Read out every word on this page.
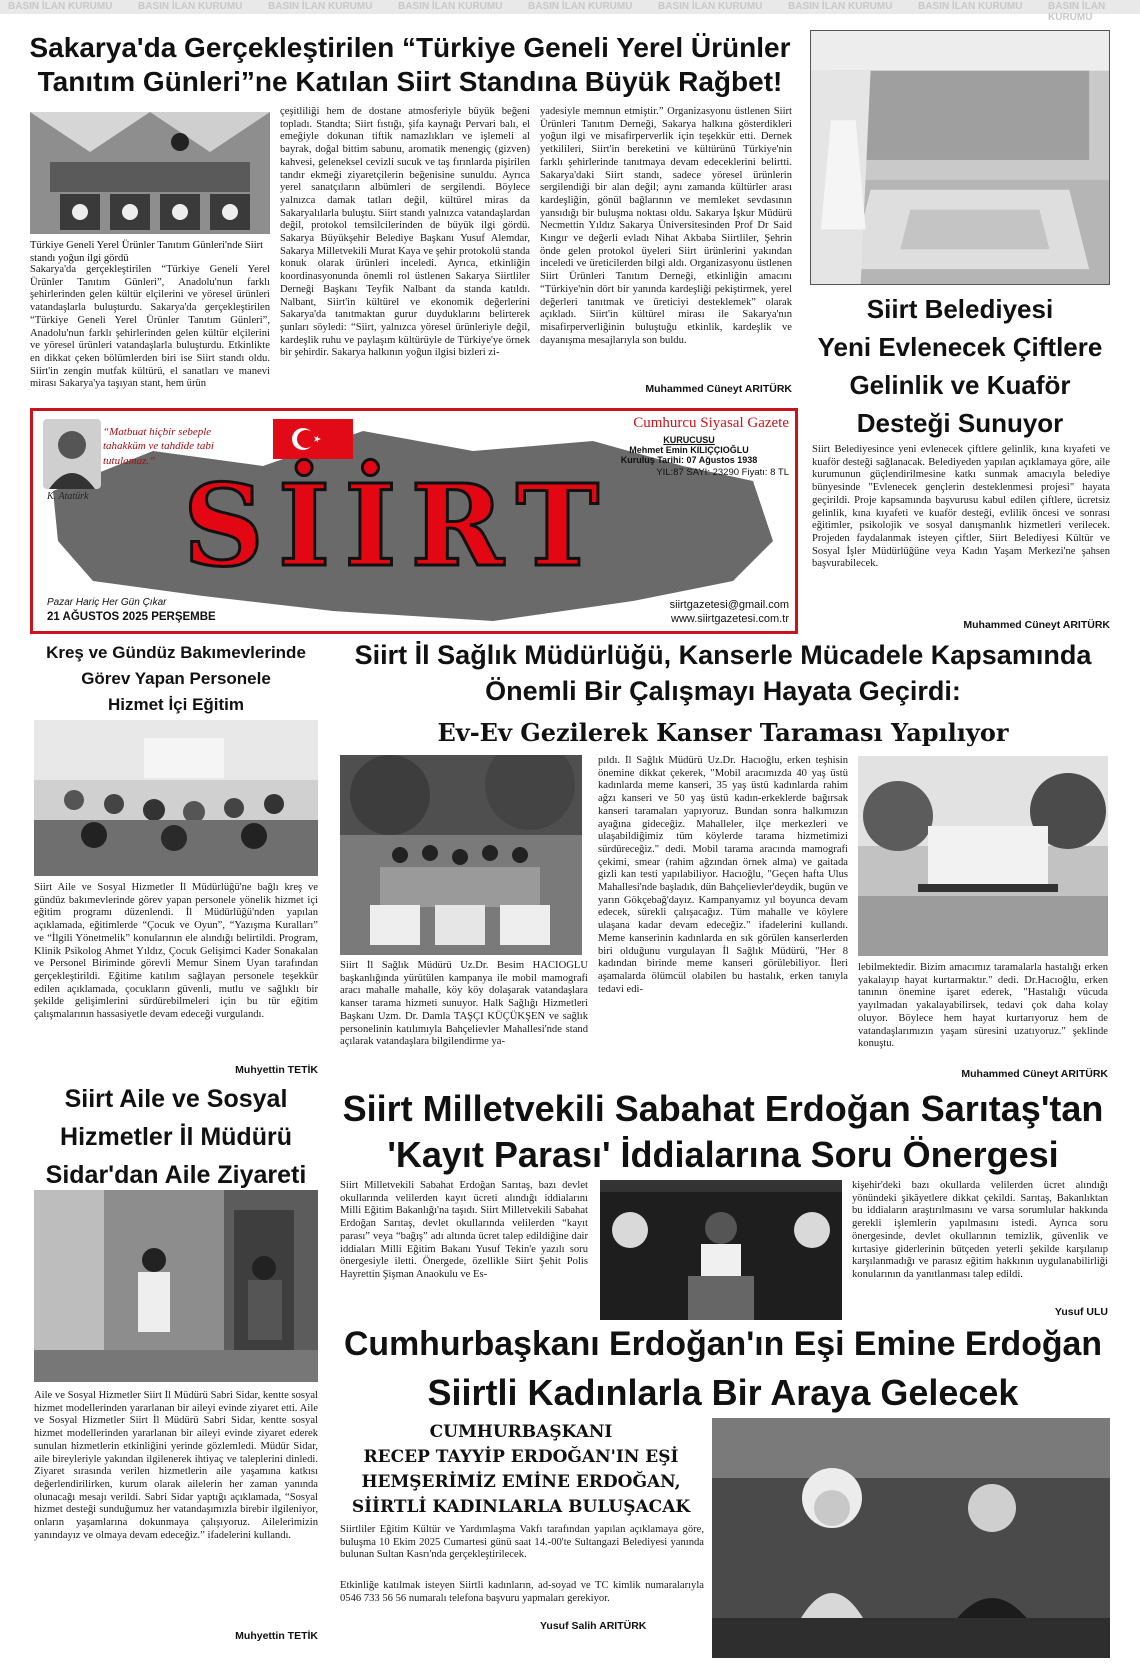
BASIN İLAN KURUMU	BASIN İLAN KURUMU	BASIN İLAN KURUMU	BASIN İLAN KURUMU	BASIN İLAN KURUMU	BASIN İLAN KURUMU	BASIN İLAN KURUMU	BASIN İLAN KURUMU	BASIN İLAN KURUMU
Sakarya'da Gerçekleştirilen “Türkiye Geneli Yerel Ürünler
Tanıtım Günleri”ne Katılan Siirt Standına Büyük Rağbet!
Türkiye Geneli Yerel Ürünler Tanıtım Günleri'nde Siirt standı yoğun ilgi gördü
Sakarya'da gerçekleştirilen “Türkiye Geneli Yerel Ürünler Tanıtım Günleri”, Anadolu'nun farklı şehirlerinden gelen kültür elçilerini ve yöresel ürünleri vatandaşlarla buluşturdu. Sakarya'da gerçekleştirilen “Türkiye Geneli Yerel Ürünler Tanıtım Günleri”, Anadolu'nun farklı şehirlerinden gelen kültür elçilerini ve yöresel ürünleri vatandaşlarla buluşturdu. Etkinlikte en dikkat çeken bölümlerden biri ise Siirt standı oldu. Siirt'in zengin mutfak kültürü, el sanatları ve manevi mirası Sakarya'ya taşıyan stant, hem ürün
çeşitliliği hem de dostane atmosferiyle büyük beğeni topladı. Standta; Siirt fıstığı, şifa kaynağı Pervari balı, el emeğiyle dokunan tiftik namazlıkları ve işlemeli al bayrak, doğal bittim sabunu, aromatik menengiç (gizven) kahvesi, geleneksel cevizli sucuk ve taş fırınlarda pişirilen tandır ekmeği ziyaretçilerin beğenisine sunuldu. Ayrıca yerel sanatçıların albümleri de sergilendi. Böylece yalnızca damak tatları değil, kültürel miras da Sakaryalılarla buluştu. Siirt standı yalnızca vatandaşlardan değil, protokol temsilcilerinden de büyük ilgi gördü. Sakarya Büyükşehir Belediye Başkanı Yusuf Alemdar, Sakarya Milletvekili Murat Kaya ve şehir protokolü standa konuk olarak ürünleri inceledi. Ayrıca, etkinliğin koordinasyonunda önemli rol üstlenen Sakarya Siirtliler Derneği Başkanı Teyfik Nalbant da standa katıldı. Nalbant, Siirt'in kültürel ve ekonomik değerlerini Sakarya'da tanıtmaktan gurur duyduklarını belirterek şunları söyledi: “Siirt, yalnızca yöresel ürünleriyle değil, kardeşlik ruhu ve paylaşım kültürüyle de Türkiye'ye örnek bir şehirdir. Sakarya halkının yoğun ilgisi bizleri zi-
yadesiyle memnun etmiştir.” Organizasyonu üstlenen Siirt Ürünleri Tanıtım Derneği, Sakarya halkına gösterdikleri yoğun ilgi ve misafirperverlik için teşekkür etti. Dernek yetkilileri, Siirt'in bereketini ve kültürünü Türkiye'nin farklı şehirlerinde tanıtmaya devam edeceklerini belirtti. Sakarya'daki Siirt standı, sadece yöresel ürünlerin sergilendiği bir alan değil; aynı zamanda kültürler arası kardeşliğin, gönül bağlarının ve memleket sevdasının yansıdığı bir buluşma noktası oldu. Sakarya İşkur Müdürü Necmettin Yıldız Sakarya Üniversitesinden Prof Dr Said Kıngır ve değerli evladı Nihat Akbaba Siirtliler, Şehrin önde gelen protokol üyeleri Siirt ürünlerini yakından inceledi ve üreticilerden bilgi aldı. Organizasyonu üstlenen Siirt Ürünleri Tanıtım Derneği, etkinliğin amacını “Türkiye'nin dört bir yanında kardeşliği pekiştirmek, yerel değerleri tanıtmak ve üreticiyi desteklemek” olarak açıkladı. Siirt'in kültürel mirası ile Sakarya'nın misafirperverliğinin buluştuğu etkinlik, kardeşlik ve dayanışma mesajlarıyla son buldu.
Muhammed Cüneyt ARITÜRK
Siirt Belediyesi
Yeni Evlenecek Çiftlere
Gelinlik ve Kuaför
Desteği Sunuyor
Siirt Belediyesince yeni evlenecek çiftlere gelinlik, kına kıyafeti ve kuaför desteği sağlanacak. Belediyeden yapılan açıklamaya göre, aile kurumunun güçlendirilmesine katkı sunmak amacıyla belediye bünyesinde "Evlenecek gençlerin desteklenmesi projesi" hayata geçirildi. Proje kapsamında başvurusu kabul edilen çiftlere, ücretsiz gelinlik, kına kıyafeti ve kuaför desteği, evlilik öncesi ve sonrası eğitimler, psikolojik ve sosyal danışmanlık hizmetleri verilecek. Projeden faydalanmak isteyen çiftler, Siirt Belediyesi Kültür ve Sosyal İşler Müdürlüğüne veya Kadın Yaşam Merkezi'ne şahsen başvurabilecek.
Muhammed Cüneyt ARITÜRK
“Matbuat hiçbir sebeple tahakküm ve tahdide tabi tutulamaz.”
K. Atatürk SİİRT
Cumhurcu Siyasal Gazete
KURUCUSU
Mehmet Emin KILIÇÇIOĞLU
Kuruluş Tarihi: 07 Ağustos 1938
YIL:87 SAYI: 23290 Fiyatı: 8 TL
Pazar Hariç Her Gün Çıkar
21 AĞUSTOS 2025 PERŞEMBE
siirtgazetesi@gmail.com
www.siirtgazetesi.com.tr
Kreş ve Gündüz Bakımevlerinde
Görev Yapan Personele
Hizmet İçi Eğitim
Siirt Aile ve Sosyal Hizmetler İl Müdürlüğü'ne bağlı kreş ve gündüz bakımevlerinde görev yapan personele yönelik hizmet içi eğitim programı düzenlendi. İl Müdürlüğü'nden yapılan açıklamada, eğitimlerde “Çocuk ve Oyun”, “Yazışma Kuralları” ve “İlgili Yönetmelik” konularının ele alındığı belirtildi. Program, Klinik Psikolog Ahmet Yıldız, Çocuk Gelişimci Kader Sonakalan ve Personel Biriminde görevli Memur Sinem Uyan tarafından gerçekleştirildi. Eğitime katılım sağlayan personele teşekkür edilen açıklamada, çocukların güvenli, mutlu ve sağlıklı bir şekilde gelişimlerini sürdürebilmeleri için bu tür eğitim çalışmalarının hassasiyetle devam edeceği vurgulandı.
Muhyettin TETİK
Siirt Aile ve Sosyal
Hizmetler İl Müdürü
Sidar'dan Aile Ziyareti
Aile ve Sosyal Hizmetler Siirt İl Müdürü Sabri Sidar, kentte sosyal hizmet modellerinden yararlanan bir aileyi evinde ziyaret etti. Aile ve Sosyal Hizmetler Siirt İl Müdürü Sabri Sidar, kentte sosyal hizmet modellerinden yararlanan bir aileyi evinde ziyaret ederek sunulan hizmetlerin etkinliğini yerinde gözlemledi. Müdür Sidar, aile bireyleriyle yakından ilgilenerek ihtiyaç ve taleplerini dinledi. Ziyaret sırasında verilen hizmetlerin aile yaşamına katkısı değerlendirilirken, kurum olarak ailelerin her zaman yanında olunacağı mesajı verildi. Sabri Sidar yaptığı açıklamada, “Sosyal hizmet desteği sunduğumuz her vatandaşımızla birebir ilgileniyor, onların yaşamlarına dokunmaya çalışıyoruz. Ailelerimizin yanındayız ve olmaya devam edeceğiz.” ifadelerini kullandı.
Muhyettin TETİK
Siirt İl Sağlık Müdürlüğü, Kanserle Mücadele Kapsamında
Önemli Bir Çalışmayı Hayata Geçirdi:
Ev-Ev Gezilerek Kanser Taraması Yapılıyor
Siirt İl Sağlık Müdürü Uz.Dr. Besim HACIOĞLU başkanlığında yürütülen kampanya ile mobil mamografi aracı mahalle mahalle, köy köy dolaşarak vatandaşlara kanser tarama hizmeti sunuyor. Halk Sağlığı Hizmetleri Başkanı Uzm. Dr. Damla TAŞÇI KÜÇÜKŞEN ve sağlık personelinin katılımıyla Bahçelievler Mahallesi'nde stand açılarak vatandaşlara bilgilendirme ya-
pıldı. İl Sağlık Müdürü Uz.Dr. Hacıoğlu, erken teşhisin önemine dikkat çekerek, "Mobil aracımızda 40 yaş üstü kadınlarda meme kanseri, 35 yaş üstü kadınlarda rahim ağzı kanseri ve 50 yaş üstü kadın-erkeklerde bağırsak kanseri taramaları yapıyoruz. Bundan sonra halkımızın ayağına gideceğiz. Mahalleler, ilçe merkezleri ve ulaşabildiğimiz tüm köylerde tarama hizmetimizi sürdüreceğiz." dedi. Mobil tarama aracında mamografi çekimi, smear (rahim ağzından örnek alma) ve gaitada gizli kan testi yapılabiliyor. Hacıoğlu, "Geçen hafta Ulus Mahallesi'nde başladık, dün Bahçelievler'deydik, bugün ve yarın Gökçebağ'dayız. Kampanyamız yıl boyunca devam edecek, sürekli çalışacağız. Tüm mahalle ve köylere ulaşana kadar devam edeceğiz." ifadelerini kullandı. Meme kanserinin kadınlarda en sık görülen kanserlerden biri olduğunu vurgulayan İl Sağlık Müdürü, "Her 8 kadından birinde meme kanseri görülebiliyor. İleri aşamalarda ölümcül olabilen bu hastalık, erken tanıyla tedavi edi-
lebilmektedir. Bizim amacımız taramalarla hastalığı erken yakalayıp hayat kurtarmaktır." dedi. Dr.Hacıoğlu, erken tanının önemine işaret ederek, "Hastalığı vücuda yayılmadan yakalayabilirsek, tedavi çok daha kolay oluyor. Böylece hem hayat kurtarıyoruz hem de vatandaşlarımızın yaşam süresini uzatıyoruz." şeklinde konuştu.
Muhammed Cüneyt ARITÜRK
Siirt Milletvekili Sabahat Erdoğan Sarıtaş'tan
'Kayıt Parası' İddialarına Soru Önergesi
Siirt Milletvekili Sabahat Erdoğan Sarıtaş, bazı devlet okullarında velilerden kayıt ücreti alındığı iddialarını Milli Eğitim Bakanlığı'na taşıdı. Siirt Milletvekili Sabahat Erdoğan Sarıtaş, devlet okullarında velilerden “kayıt parası” veya “bağış” adı altında ücret talep edildiğine dair iddiaları Milli Eğitim Bakanı Yusuf Tekin'e yazılı soru önergesiyle iletti. Önergede, özellikle Siirt Şehit Polis Hayrettin Şişman Anaokulu ve Es-
kişehir'deki bazı okullarda velilerden ücret alındığı yönündeki şikâyetlere dikkat çekildi. Sarıtaş, Bakanlıktan bu iddiaların araştırılmasını ve varsa sorumlular hakkında gerekli işlemlerin yapılmasını istedi. Ayrıca soru önergesinde, devlet okullarının temizlik, güvenlik ve kırtasiye giderlerinin bütçeden yeterli şekilde karşılanıp karşılanmadığı ve parasız eğitim hakkının uygulanabilirliği konularının da yanıtlanması talep edildi.
Yusuf ULU
Cumhurbaşkanı Erdoğan'ın Eşi Emine Erdoğan
Siirtli Kadınlarla Bir Araya Gelecek
CUMHURBAŞKANI
RECEP TAYYİP ERDOĞAN'IN EŞİ
HEMŞERİMİZ EMİNE ERDOĞAN,
SİİRTLİ KADINLARLA BULUŞACAK
Siirtliler Eğitim Kültür ve Yardımlaşma Vakfı tarafından yapılan açıklamaya göre, buluşma 10 Ekim 2025 Cumartesi günü saat 14.-00'te Sultangazi Belediyesi yanında bulunan Sultan Kasrı'nda gerçekleştirilecek.
Etkinliğe katılmak isteyen Siirtli kadınların, ad-soyad ve TC kimlik numaralarıyla 0546 733 56 56 numaralı telefona başvuru yapmaları gerekiyor.
Yusuf Salih ARITÜRK
